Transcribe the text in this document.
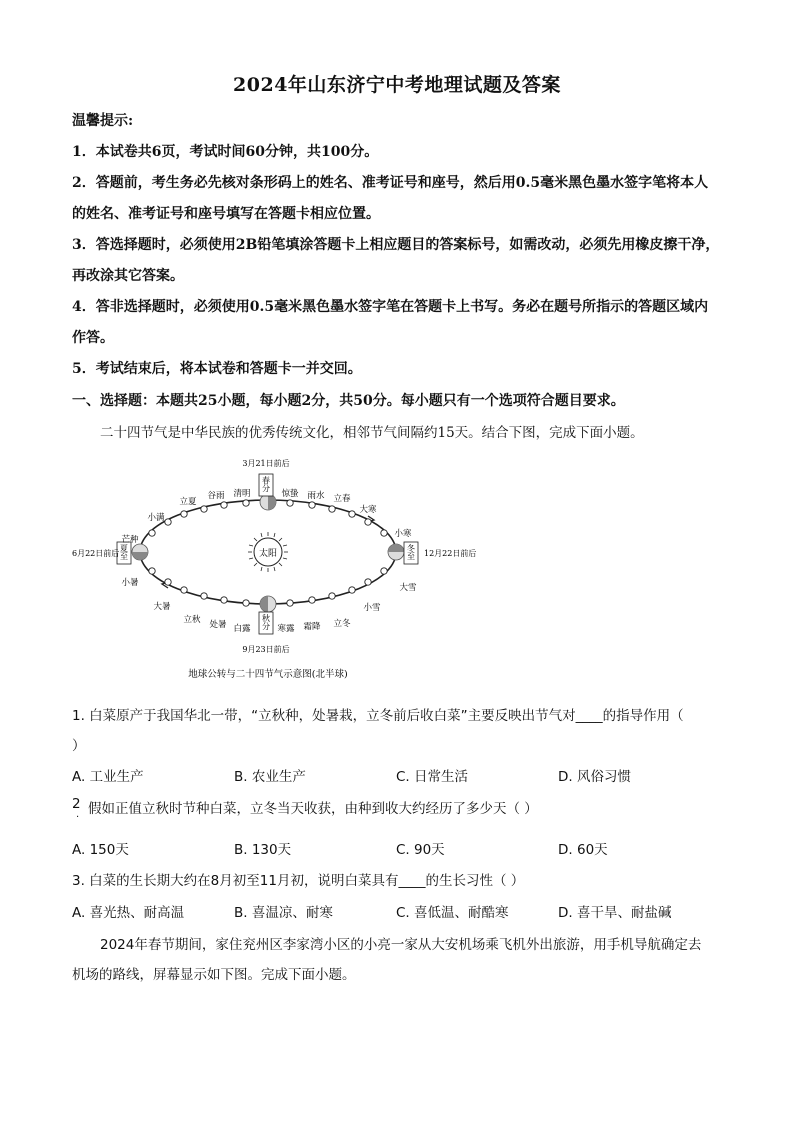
2024年山东济宁中考地理试题及答案
温馨提示:
1．本试卷共6页，考试时间60分钟，共100分。
2．答题前，考生务必先核对条形码上的姓名、准考证号和座号，然后用0.5毫米黑色墨水签字笔将本人
的姓名、准考证号和座号填写在答题卡相应位置。
3．答选择题时，必须使用2B铅笔填涂答题卡上相应题目的答案标号，如需改动，必须先用橡皮擦干净，
再改涂其它答案。
4．答非选择题时，必须使用0.5毫米黑色墨水签字笔在答题卡上书写。务必在题号所指示的答题区域内
作答。
5．考试结束后，将本试卷和答题卡一并交回。
一、选择题：本题共25小题，每小题2分，共50分。每小题只有一个选项符合题目要求。
二十四节气是中华民族的优秀传统文化，相邻节气间隔约15天。结合下图，完成下面小题。
太阳
春分
冬至
秋分
夏至
3月21日前后
12月22日前后
9月23日前后
6月22日前后
立夏
谷雨 清明	惊蛰 雨水 立春
大寒
小寒
大雪
小雪
立冬
霜降
寒露
白露
处暑
立秋
大暑
小暑
芒种
小满
地球公转与二十四节气示意图(北半球)
1. 白菜原产于我国华北一带，“立秋种，处暑栽，立冬前后收白菜”主要反映出节气对____的指导作用（
）
A. 工业生产	B. 农业生产	C. 日常生活	D. 风俗习惯
2
. 假如正值立秋时节种白菜，立冬当天收获，由种到收大约经历了多少天（ ）
A. 150天	B. 130天	C. 90天	D. 60天
3. 白菜的生长期大约在8月初至11月初，说明白菜具有____的生长习性（ ）
A. 喜光热、耐高温	B. 喜温凉、耐寒	C. 喜低温、耐酷寒	D. 喜干旱、耐盐碱
2024年春节期间，家住兖州区李家湾小区的小亮一家从大安机场乘飞机外出旅游，用手机导航确定去
机场的路线，屏幕显示如下图。完成下面小题。
